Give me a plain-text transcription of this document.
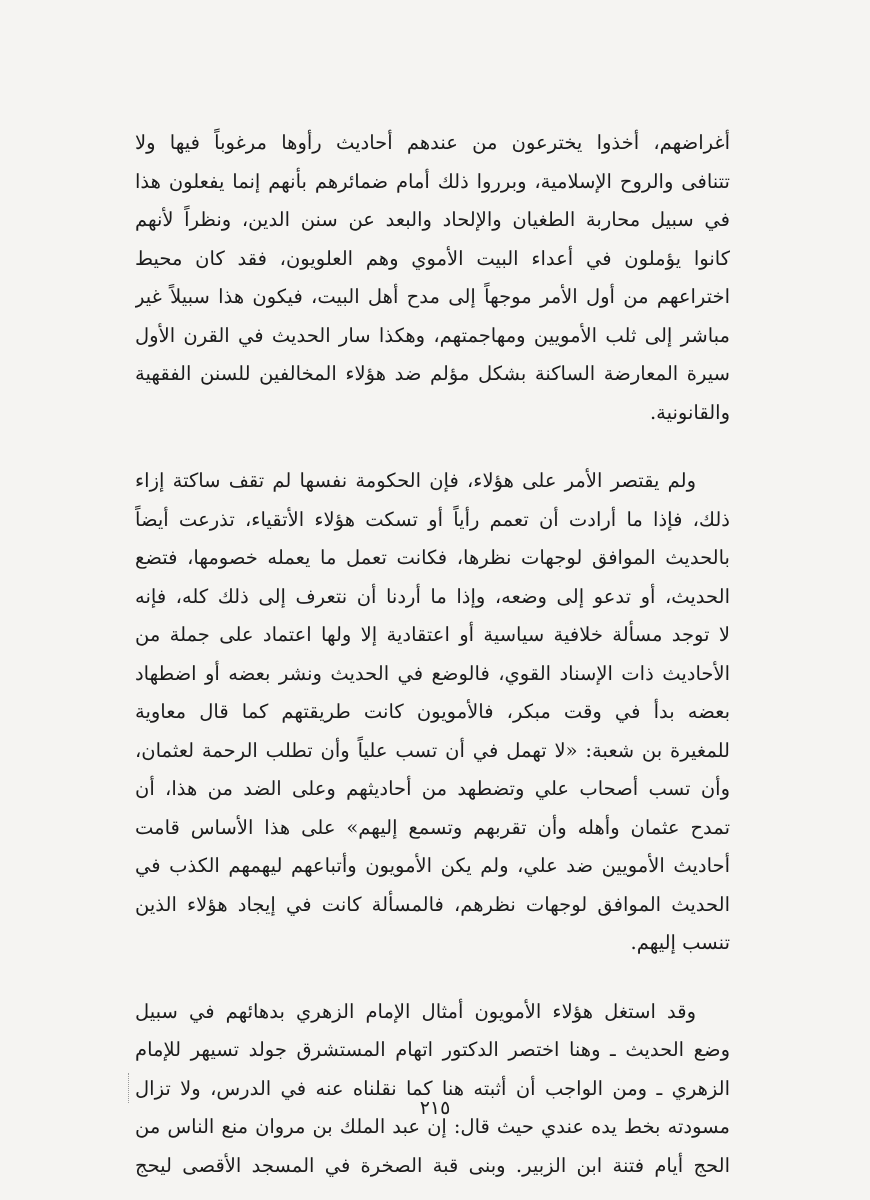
أغراضهم، أخذوا يخترعون من عندهم أحاديث رأوها مرغوباً فيها ولا
تتنافى والروح الإسلامية، وبرروا ذلك أمام ضمائرهم بأنهم إنما يفعلون هذا
في سبيل محاربة الطغيان والإلحاد والبعد عن سنن الدين، ونظراً لأنهم
كانوا يؤملون في أعداء البيت الأموي وهم العلويون، فقد كان محيط
اختراعهم من أول الأمر موجهاً إلى مدح أهل البيت، فيكون هذا سبيلاً غير
مباشر إلى ثلب الأمويين ومهاجمتهم، وهكذا سار الحديث في القرن الأول
سيرة المعارضة الساكنة بشكل مؤلم ضد هؤلاء المخالفين للسنن الفقهية
والقانونية.
ولم يقتصر الأمر على هؤلاء، فإن الحكومة نفسها لم تقف ساكتة إزاء
ذلك، فإذا ما أرادت أن تعمم رأياً أو تسكت هؤلاء الأتقياء، تذرعت أيضاً
بالحديث الموافق لوجهات نظرها، فكانت تعمل ما يعمله خصومها، فتضع
الحديث، أو تدعو إلى وضعه، وإذا ما أردنا أن نتعرف إلى ذلك كله، فإنه
لا توجد مسألة خلافية سياسية أو اعتقادية إلا ولها اعتماد على جملة من
الأحاديث ذات الإسناد القوي، فالوضع في الحديث ونشر بعضه أو اضطهاد
بعضه بدأ في وقت مبكر، فالأمويون كانت طريقتهم كما قال معاوية
للمغيرة بن شعبة: «لا تهمل في أن تسب علياً وأن تطلب الرحمة لعثمان،
وأن تسب أصحاب علي وتضطهد من أحاديثهم وعلى الضد من هذا، أن
تمدح عثمان وأهله وأن تقربهم وتسمع إليهم» على هذا الأساس قامت
أحاديث الأمويين ضد علي، ولم يكن الأمويون وأتباعهم ليهمهم الكذب في
الحديث الموافق لوجهات نظرهم، فالمسألة كانت في إيجاد هؤلاء الذين
تنسب إليهم.
وقد استغل هؤلاء الأمويون أمثال الإمام الزهري بدهائهم في سبيل
وضع الحديث ـ وهنا اختصر الدكتور اتهام المستشرق جولد تسيهر للإمام
الزهري ـ ومن الواجب أن أثبته هنا كما نقلناه عنه في الدرس، ولا تزال
مسودته بخط يده عندي حيث قال: إن عبد الملك بن مروان منع الناس من
الحج أيام فتنة ابن الزبير. وبنى قبة الصخرة في المسجد الأقصى ليحج
٢١٥
